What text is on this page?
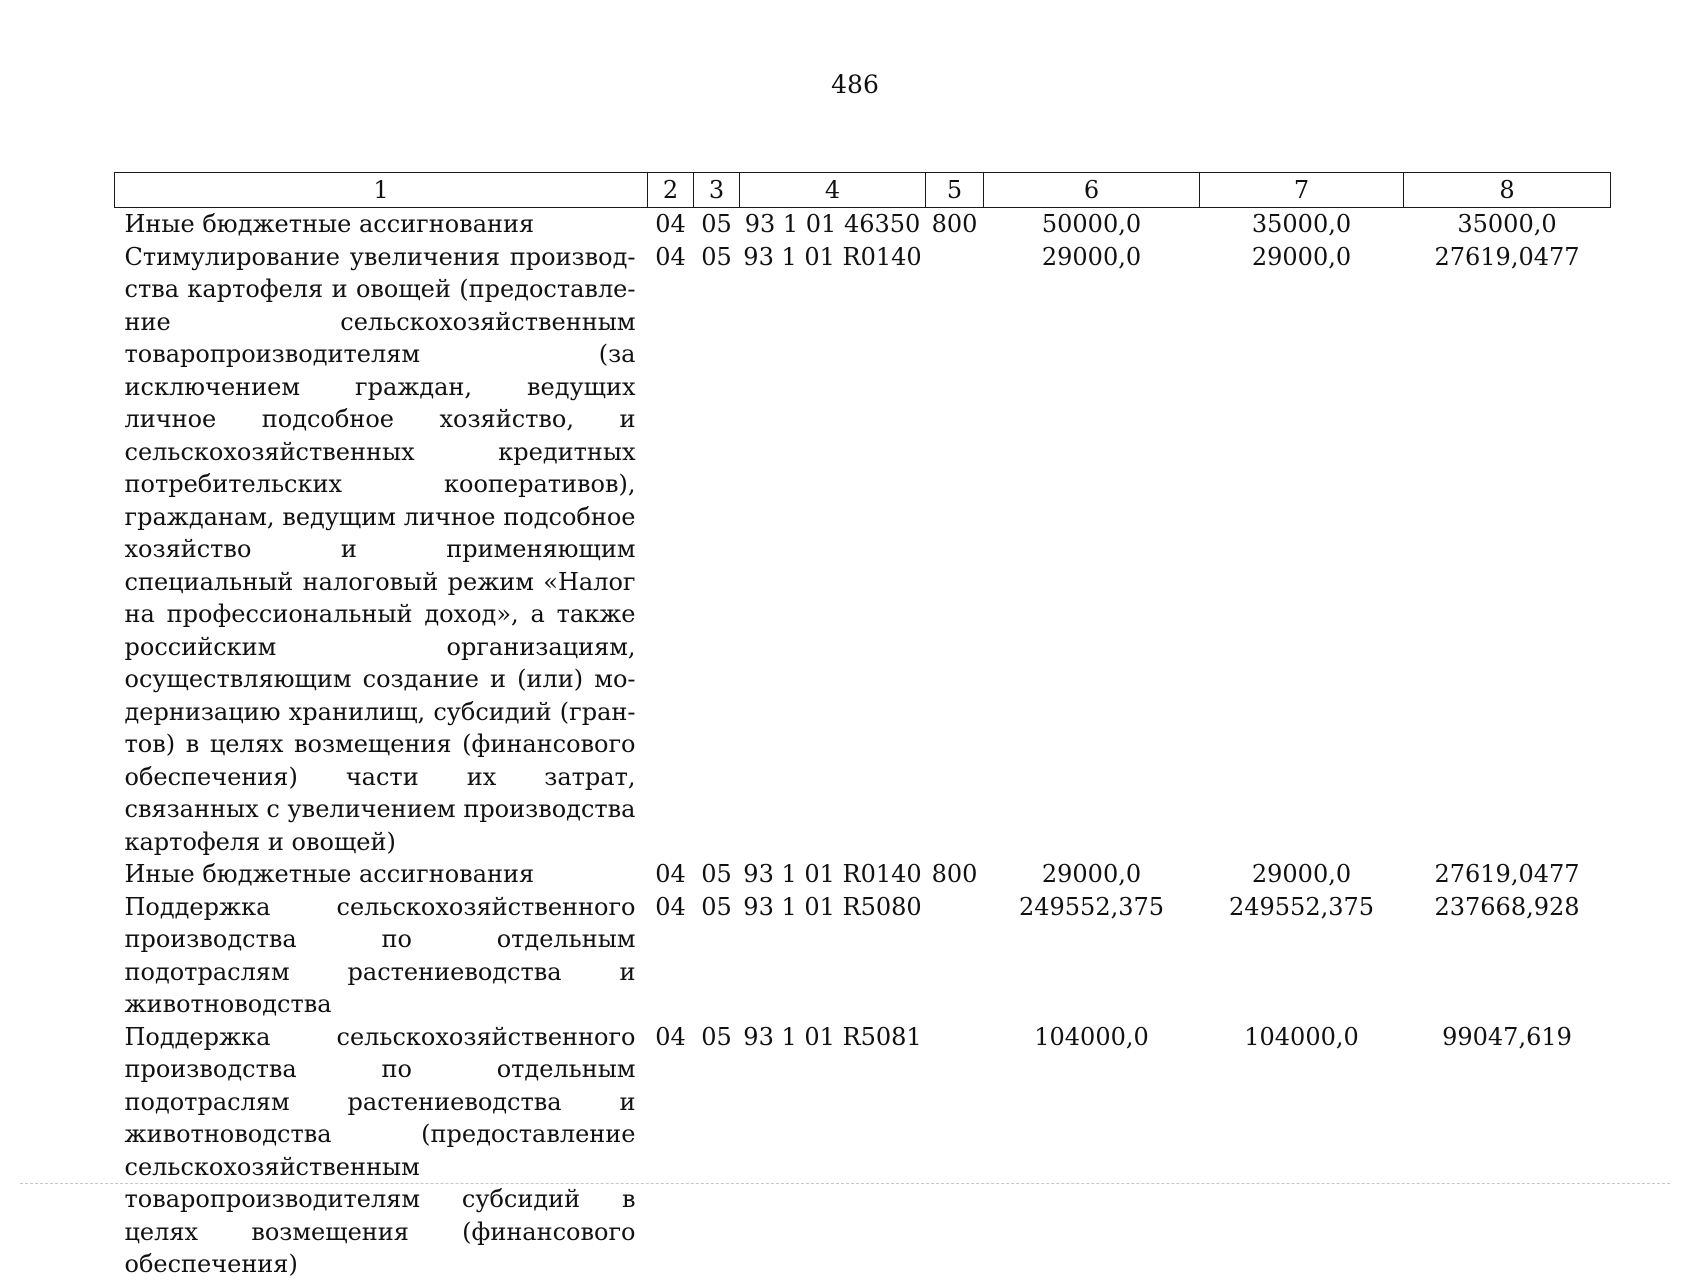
486
1	2	3	4	5	6	7	8
Иные бюджетные ассигнования	04	05	93 1 01 46350	800	50000,0	35000,0	35000,0
Стимулирование увеличения производства картофеля и овощей (предоставление сельскохозяйственным товаропроизводителям (за исключением граждан, ведущих личное подсобное хозяйство, и сельскохозяйственных кредитных потребительских кооперативов), гражданам, ведущим личное подсобное хозяйство и применяющим специальный налоговый режим «Налог на профессиональный доход», а также российским организациям, осуществляющим создание и (или) модернизацию хранилищ, субсидий (грантов) в целях возмещения (финансового обеспечения) части их затрат, связанных с увеличением производства картофеля и овощей)	04	05	93 1 01 R0140		29000,0	29000,0	27619,0477
Иные бюджетные ассигнования	04	05	93 1 01 R0140	800	29000,0	29000,0	27619,0477
Поддержка сельскохозяйственного производства по отдельным подотраслям растениеводства и животноводства	04	05	93 1 01 R5080		249552,375	249552,375	237668,928
Поддержка сельскохозяйственного производства по отдельным подотраслям растениеводства и животноводства (предоставление сельскохозяйственным товаропроизводителям субсидий в целях возмещения (финансового обеспечения)	04	05	93 1 01 R5081		104000,0	104000,0	99047,619
